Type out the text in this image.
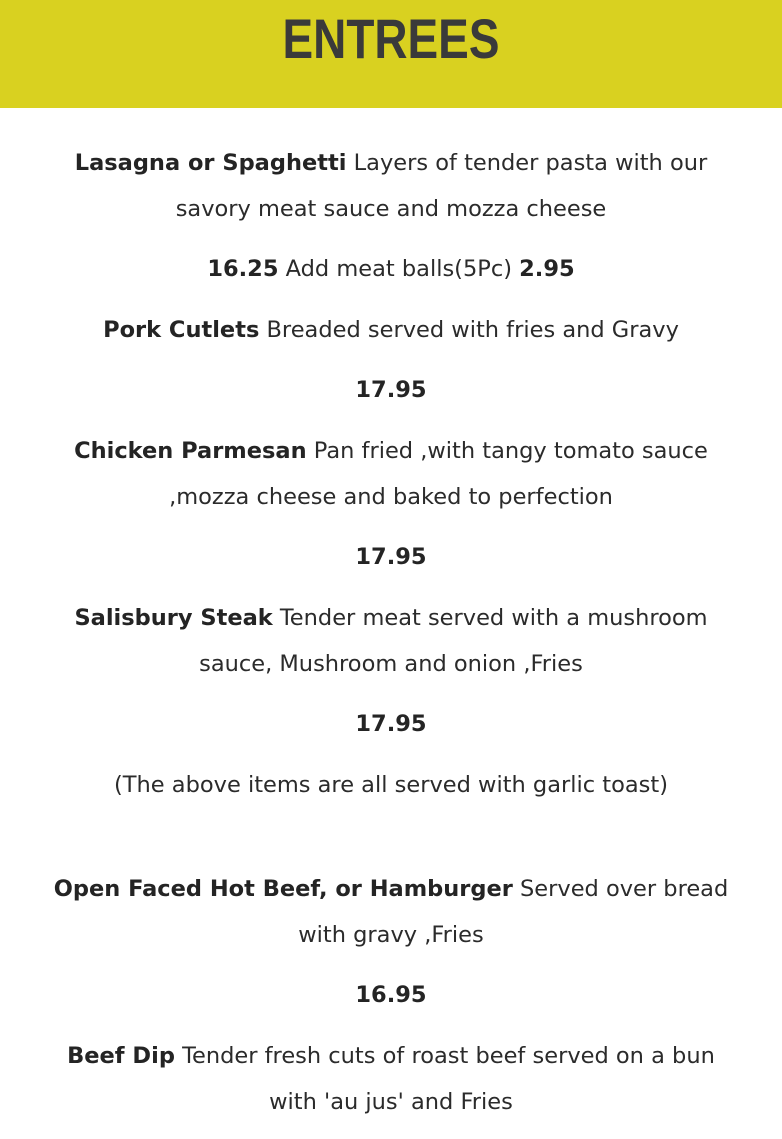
ENTREES

Lasagna or Spaghetti Layers of tender pasta with our savory meat sauce and mozza cheese

16.25 Add meat balls(5Pc) 2.95

Pork Cutlets Breaded served with fries and Gravy

17.95

Chicken Parmesan Pan fried ,with tangy tomato sauce ,mozza cheese and baked to perfection

17.95

Salisbury Steak Tender meat served with a mushroom sauce, Mushroom and onion ,Fries

17.95

(The above items are all served with garlic toast)

Open Faced Hot Beef, or Hamburger Served over bread with gravy ,Fries

16.95

Beef Dip Tender fresh cuts of roast beef served on a bun with 'au jus' and Fries
